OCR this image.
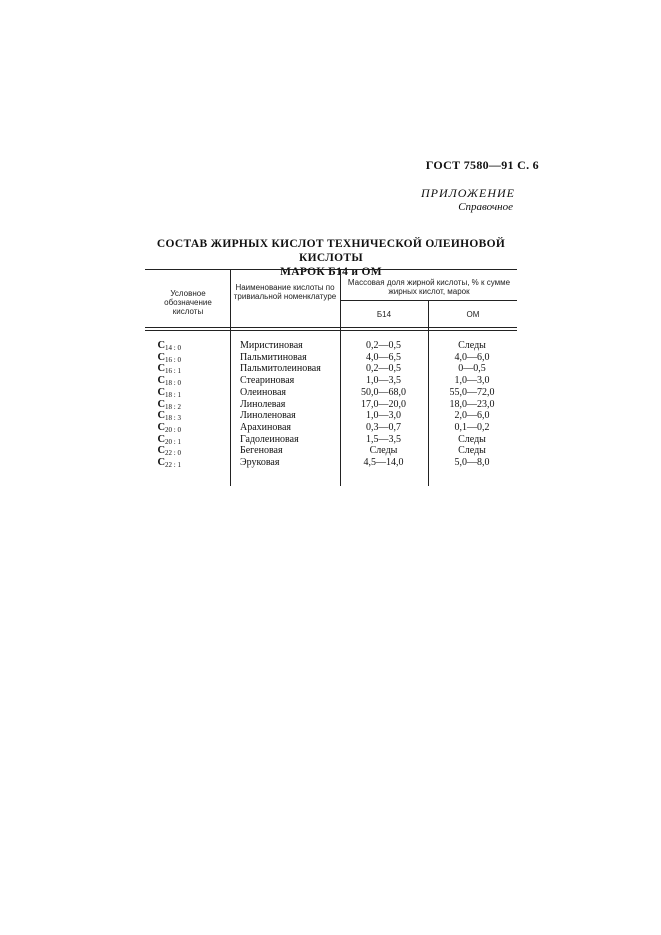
ГОСТ 7580—91 С. 6
ПРИЛОЖЕНИЕ
Справочное
СОСТАВ ЖИРНЫХ КИСЛОТ ТЕХНИЧЕСКОЙ ОЛЕИНОВОЙ КИСЛОТЫ
МАРОК Б14 и ОМ
Условное обозначение кислоты
Наименование кислоты по тривиальной номенклатуре
Массовая доля жирной кислоты, % к сумме жирных кислот, марок
Б14	ОМ
$C_{14 : 0}$	Миристиновая	0,2—0,5	Следы
$C_{16 : 0}$	Пальмитиновая	4,0—6,5	4,0—6,0
$C_{16 : 1}$	Пальмитолеиновая	0,2—0,5	0—0,5
$C_{18 : 0}$	Стеариновая	1,0—3,5	1,0—3,0
$C_{18 : 1}$	Олеиновая	50,0—68,0	55,0—72,0
$C_{18 : 2}$	Линолевая	17,0—20,0	18,0—23,0
$C_{18 : 3}$	Линоленовая	1,0—3,0	2,0—6,0
$C_{20 : 0}$	Арахиновая	0,3—0,7	0,1—0,2
$C_{20 : 1}$	Гадолеиновая	1,5—3,5	Следы
$C_{22 : 0}$	Бегеновая	Следы	Следы
$C_{22 : 1}$	Эруковая	4,5—14,0	5,0—8,0
